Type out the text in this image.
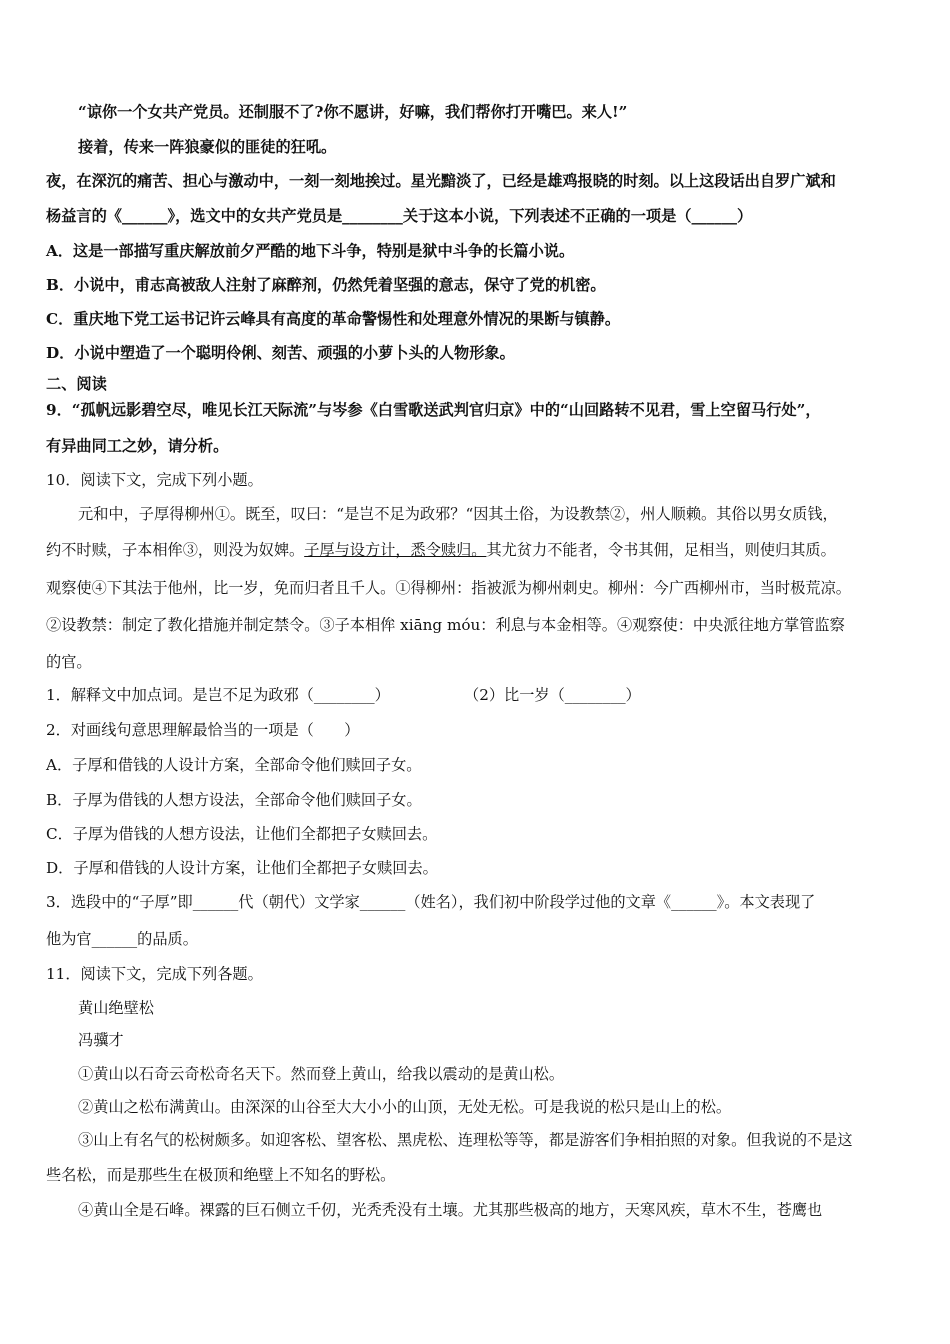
“谅你一个女共产党员。还制服不了?你不愿讲，好嘛，我们帮你打开嘴巴。来人!”
接着，传来一阵狼豪似的匪徒的狂吼。
夜，在深沉的痛苦、担心与激动中，一刻一刻地挨过。星光黯淡了，已经是雄鸡报晓的时刻。以上这段话出自罗广斌和
杨益言的《______》，选文中的女共产党员是________关于这本小说，下列表述不正确的一项是（______）
A．这是一部描写重庆解放前夕严酷的地下斗争，特别是狱中斗争的长篇小说。
B．小说中，甫志高被敌人注射了麻醉剂，仍然凭着坚强的意志，保守了党的机密。
C．重庆地下党工运书记许云峰具有高度的革命警惕性和处理意外情况的果断与镇静。
D．小说中塑造了一个聪明伶俐、刻苦、顽强的小萝卜头的人物形象。
二、阅读
9．“孤帆远影碧空尽，唯见长江天际流”与岑参《白雪歌送武判官归京》中的“山回路转不见君，雪上空留马行处”，
有异曲同工之妙，请分析。
10．阅读下文，完成下列小题。
元和中，子厚得柳州①。既至，叹曰：“是岂不足为政邪？“因其土俗，为设教禁②，州人顺赖。其俗以男女质钱，
约不时赎，子本相侔③，则没为奴婢。子厚与设方计，悉令赎归。其尤贫力不能者，令书其佣，足相当，则使归其质。
观察使④下其法于他州，比一岁，免而归者且千人。①得柳州：指被派为柳州刺史。柳州：今广西柳州市，当时极荒凉。
②设教禁：制定了教化措施并制定禁令。③子本相侔 xiāng móu：利息与本金相等。④观察使：中央派往地方掌管监察
的官。
1．解释文中加点词。是岂不足为政邪（________）	（2）比一岁（________）
2．对画线句意思理解最恰当的一项是（　　）
A．子厚和借钱的人设计方案，全部命令他们赎回子女。
B．子厚为借钱的人想方设法，全部命令他们赎回子女。
C．子厚为借钱的人想方设法，让他们全都把子女赎回去。
D．子厚和借钱的人设计方案，让他们全都把子女赎回去。
3．选段中的“子厚”即______代（朝代）文学家______（姓名），我们初中阶段学过他的文章《______》。本文表现了
他为官______的品质。
11．阅读下文，完成下列各题。
黄山绝壁松
冯骥才
①黄山以石奇云奇松奇名天下。然而登上黄山，给我以震动的是黄山松。
②黄山之松布满黄山。由深深的山谷至大大小小的山顶，无处无松。可是我说的松只是山上的松。
③山上有名气的松树颇多。如迎客松、望客松、黑虎松、连理松等等，都是游客们争相拍照的对象。但我说的不是这
些名松，而是那些生在极顶和绝壁上不知名的野松。
④黄山全是石峰。裸露的巨石侧立千仞，光秃秃没有土壤。尤其那些极高的地方，天寒风疾，草木不生，苍鹰也
